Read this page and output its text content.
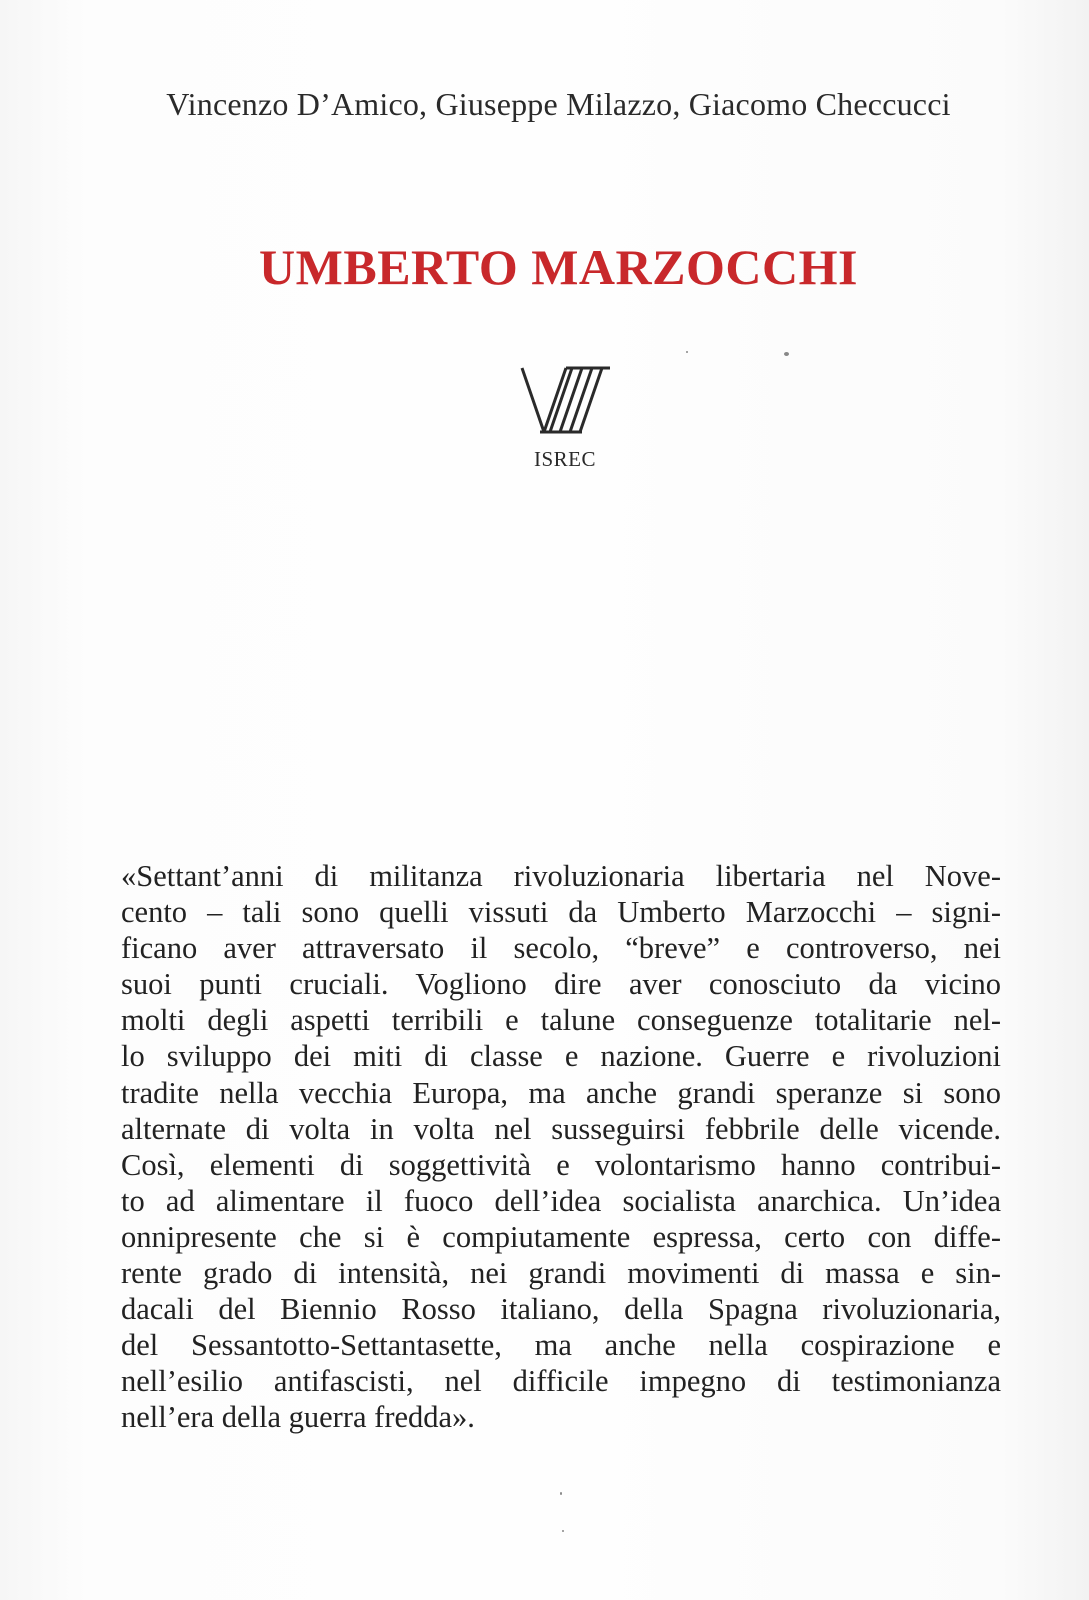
Vincenzo D’Amico, Giuseppe Milazzo, Giacomo Checcucci
UMBERTO MARZOCCHI
ISREC
«Settant’anni di militanza rivoluzionaria libertaria nel Nove-
cento – tali sono quelli vissuti da Umberto Marzocchi – signi-
ficano aver attraversato il secolo, “breve” e controverso, nei
suoi punti cruciali. Vogliono dire aver conosciuto da vicino
molti degli aspetti terribili e talune conseguenze totalitarie nel-
lo sviluppo dei miti di classe e nazione. Guerre e rivoluzioni
tradite nella vecchia Europa, ma anche grandi speranze si sono
alternate di volta in volta nel susseguirsi febbrile delle vicende.
Così, elementi di soggettività e volontarismo hanno contribui-
to ad alimentare il fuoco dell’idea socialista anarchica. Un’idea
onnipresente che si è compiutamente espressa, certo con diffe-
rente grado di intensità, nei grandi movimenti di massa e sin-
dacali del Biennio Rosso italiano, della Spagna rivoluzionaria,
del Sessantotto-Settantasette, ma anche nella cospirazione e
nell’esilio antifascisti, nel difficile impegno di testimonianza
nell’era della guerra fredda».
